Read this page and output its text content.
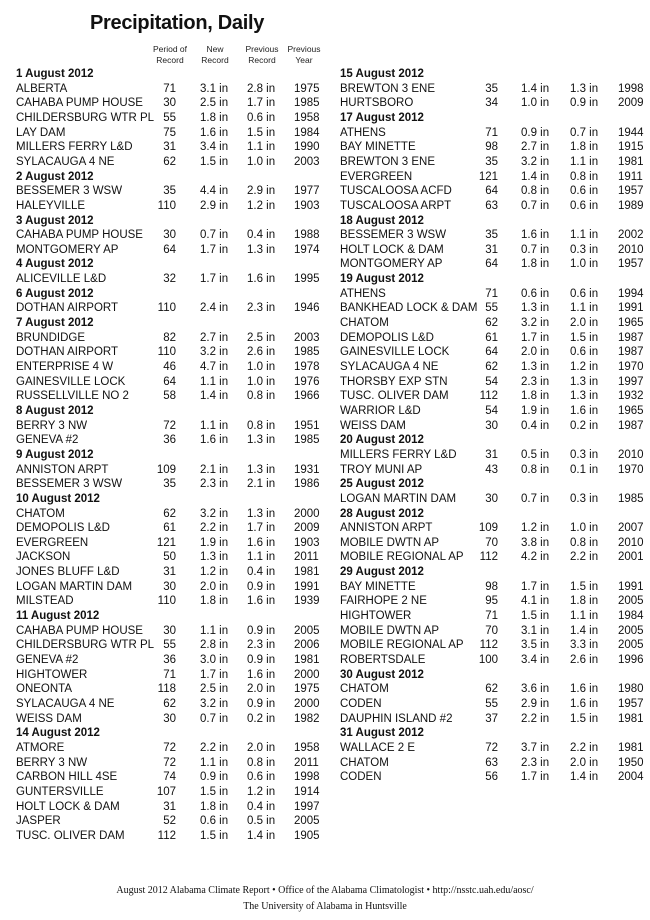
Precipitation, Daily
Period of
Record
New
Record
Previous
Record
Previous
Year
1 August 2012
ALBERTA	71 3.1 in 2.8 in 1975
CAHABA PUMP HOUSE	30 2.5 in 1.7 in 1985
CHILDERSBURG WTR PL 55 1.8 in 0.6 in 1958
LAY DAM	75 1.6 in 1.5 in 1984
MILLERS FERRY L&D	31 3.4 in 1.1 in 1990
SYLACAUGA 4 NE	62 1.5 in 1.0 in 2003
2 August 2012
BESSEMER 3 WSW	35 4.4 in 2.9 in 1977
HALEYVILLE	110 2.9 in 1.2 in 1903
3 August 2012
CAHABA PUMP HOUSE	30 0.7 in 0.4 in 1988
MONTGOMERY AP	64 1.7 in 1.3 in 1974
4 August 2012
ALICEVILLE L&D	32 1.7 in 1.6 in 1995
6 August 2012
DOTHAN AIRPORT	110 2.4 in 2.3 in 1946
7 August 2012
BRUNDIDGE	82 2.7 in 2.5 in 2003
DOTHAN AIRPORT	110 3.2 in 2.6 in 1985
ENTERPRISE 4 W	46 4.7 in 1.0 in 1978
GAINESVILLE LOCK	64 1.1 in 1.0 in 1976
RUSSELLVILLE NO 2	58 1.4 in 0.8 in 1966
8 August 2012
BERRY 3 NW	72 1.1 in 0.8 in 1951
GENEVA #2	36 1.6 in 1.3 in 1985
9 August 2012
ANNISTON ARPT	109 2.1 in 1.3 in 1931
BESSEMER 3 WSW	35 2.3 in 2.1 in 1986
10 August 2012
CHATOM	62 3.2 in 1.3 in 2000
DEMOPOLIS L&D	61 2.2 in 1.7 in 2009
EVERGREEN	121 1.9 in 1.6 in 1903
JACKSON	50 1.3 in 1.1 in 2011
JONES BLUFF L&D	31 1.2 in 0.4 in 1981
LOGAN MARTIN DAM	30 2.0 in 0.9 in 1991
MILSTEAD	110 1.8 in 1.6 in 1939
11 August 2012
CAHABA PUMP HOUSE	30 1.1 in 0.9 in 2005
CHILDERSBURG WTR PL 55 2.8 in 2.3 in 2006
GENEVA #2	36 3.0 in 0.9 in 1981
HIGHTOWER	71 1.7 in 1.6 in 2000
ONEONTA	118 2.5 in 2.0 in 1975
SYLACAUGA 4 NE	62 3.2 in 0.9 in 2000
WEISS DAM	30 0.7 in 0.2 in 1982
14 August 2012
ATMORE	72 2.2 in 2.0 in 1958
BERRY 3 NW	72 1.1 in 0.8 in 2011
CARBON HILL 4SE	74 0.9 in 0.6 in 1998
GUNTERSVILLE	107 1.5 in 1.2 in 1914
HOLT LOCK & DAM	31 1.8 in 0.4 in 1997
JASPER	52 0.6 in 0.5 in 2005
TUSC. OLIVER DAM	112 1.5 in 1.4 in 1905
15 August 2012
BREWTON 3 ENE	35 1.4 in 1.3 in 1998
HURTSBORO	34 1.0 in 0.9 in 2009
17 August 2012
ATHENS	71 0.9 in 0.7 in 1944
BAY MINETTE	98 2.7 in 1.8 in 1915
BREWTON 3 ENE	35 3.2 in 1.1 in 1981
EVERGREEN	121 1.4 in 0.8 in 1911
TUSCALOOSA ACFD	64 0.8 in 0.6 in 1957
TUSCALOOSA ARPT	63 0.7 in 0.6 in 1989
18 August 2012
BESSEMER 3 WSW	35 1.6 in 1.1 in 2002
HOLT LOCK & DAM	31 0.7 in 0.3 in 2010
MONTGOMERY AP	64 1.8 in 1.0 in 1957
19 August 2012
ATHENS	71 0.6 in 0.6 in 1994
BANKHEAD LOCK & DAM 55 1.3 in 1.1 in 1991
CHATOM	62 3.2 in 2.0 in 1965
DEMOPOLIS L&D	61 1.7 in 1.5 in 1987
GAINESVILLE LOCK	64 2.0 in 0.6 in 1987
SYLACAUGA 4 NE	62 1.3 in 1.2 in 1970
THORSBY EXP STN	54 2.3 in 1.3 in 1997
TUSC. OLIVER DAM	112 1.8 in 1.3 in 1932
WARRIOR L&D	54 1.9 in 1.6 in 1965
WEISS DAM	30 0.4 in 0.2 in 1987
20 August 2012
MILLERS FERRY L&D	31 0.5 in 0.3 in 2010
TROY MUNI AP	43 0.8 in 0.1 in 1970
25 August 2012
LOGAN MARTIN DAM	30 0.7 in 0.3 in 1985
28 August 2012
ANNISTON ARPT	109 1.2 in 1.0 in 2007
MOBILE DWTN AP	70 3.8 in 0.8 in 2010
MOBILE REGIONAL AP	112 4.2 in 2.2 in 2001
29 August 2012
BAY MINETTE	98 1.7 in 1.5 in 1991
FAIRHOPE 2 NE	95 4.1 in 1.8 in 2005
HIGHTOWER	71 1.5 in 1.1 in 1984
MOBILE DWTN AP	70 3.1 in 1.4 in 2005
MOBILE REGIONAL AP	112 3.5 in 3.3 in 2005
ROBERTSDALE	100 3.4 in 2.6 in 1996
30 August 2012
CHATOM	62 3.6 in 1.6 in 1980
CODEN	55 2.9 in 1.6 in 1957
DAUPHIN ISLAND #2	37 2.2 in 1.5 in 1981
31 August 2012
WALLACE 2 E	72 3.7 in 2.2 in 1981
CHATOM	63 2.3 in 2.0 in 1950
CODEN	56 1.7 in 1.4 in 2004
August 2012 Alabama Climate Report • Office of the Alabama Climatologist • http://nsstc.uah.edu/aosc/
The University of Alabama in Huntsville
